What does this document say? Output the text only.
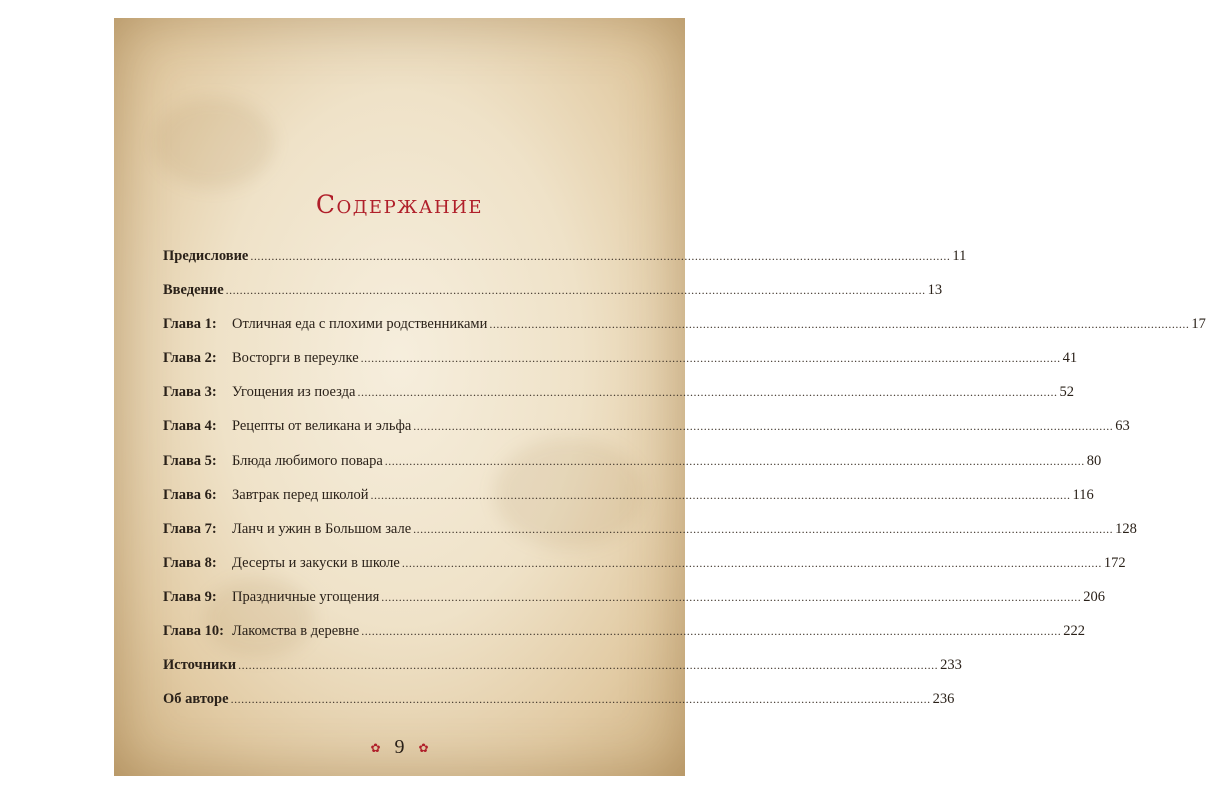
Содержание
Предисловие ........................................................................................................................................................................................................ 11
Введение ........................................................................................................................................................................................................ 13
Глава 1:	Отличная еда с плохими родственниками ........................................................................................................................................................................................................ 17
Глава 2:	Восторги в переулке ........................................................................................................................................................................................................ 41
Глава 3:	Угощения из поезда ........................................................................................................................................................................................................ 52
Глава 4:	Рецепты от великана и эльфа ........................................................................................................................................................................................................ 63
Глава 5:	Блюда любимого повара ........................................................................................................................................................................................................ 80
Глава 6:	Завтрак перед школой ........................................................................................................................................................................................................ 116
Глава 7:	Ланч и ужин в Большом зале ........................................................................................................................................................................................................ 128
Глава 8:	Десерты и закуски в школе ........................................................................................................................................................................................................ 172
Глава 9:	Праздничные угощения ........................................................................................................................................................................................................ 206
Глава 10: Лакомства в деревне ........................................................................................................................................................................................................ 222
Источники ........................................................................................................................................................................................................ 233
Об авторе ........................................................................................................................................................................................................ 236
✿ 9 ✿
